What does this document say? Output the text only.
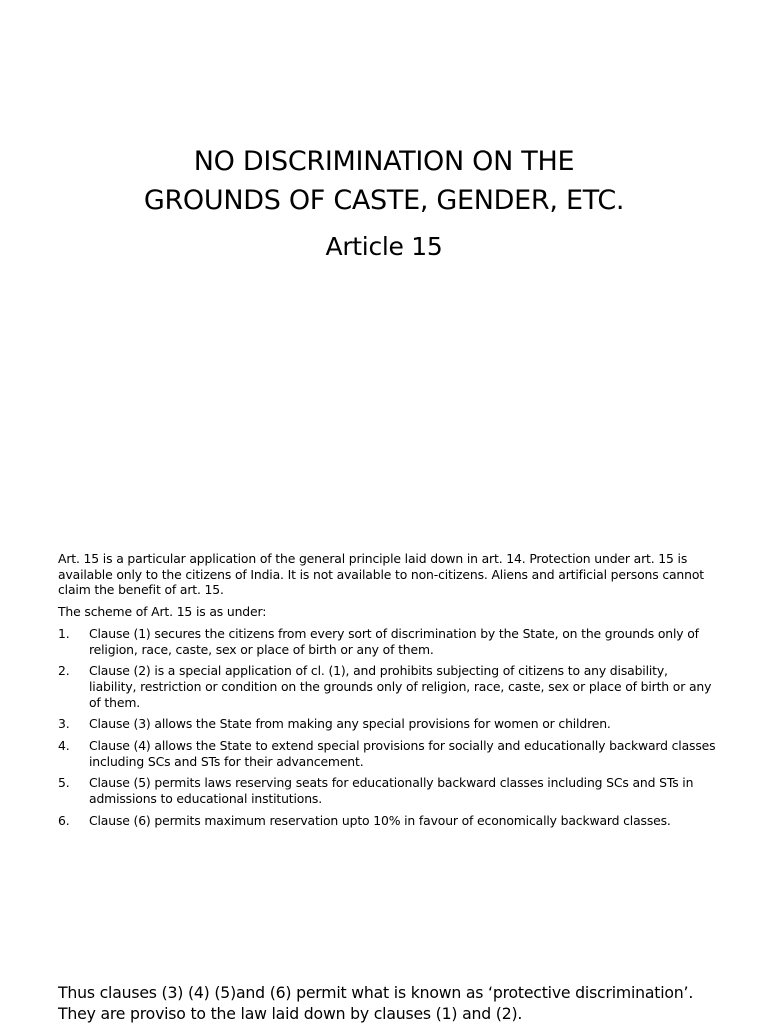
NO DISCRIMINATION ON THE
GROUNDS OF CASTE, GENDER, ETC.
Article 15

Art. 15 is a particular application of the general principle laid down in art. 14. Protection under art. 15 is available only to the citizens of India. It is not available to non-citizens. Aliens and artificial persons cannot claim the benefit of art. 15.

The scheme of Art. 15 is as under:

1.	Clause (1) secures the citizens from every sort of discrimination by the State, on the grounds only of religion, race, caste, sex or place of birth or any of them.
2.	Clause (2) is a special application of cl. (1), and prohibits subjecting of citizens to any disability, liability, restriction or condition on the grounds only of religion, race, caste, sex or place of birth or any of them.
3.	Clause (3) allows the State from making any special provisions for women or children.
4.	Clause (4) allows the State to extend special provisions for socially and educationally backward classes including SCs and STs for their advancement.
5.	Clause (5) permits laws reserving seats for educationally backward classes including SCs and STs in admissions to educational institutions.
6.	Clause (6) permits maximum reservation upto 10% in favour of economically backward classes.
Thus clauses (3) (4) (5)and (6) permit what is known as ‘protective discrimination’.
They are proviso to the law laid down by clauses (1) and (2).
